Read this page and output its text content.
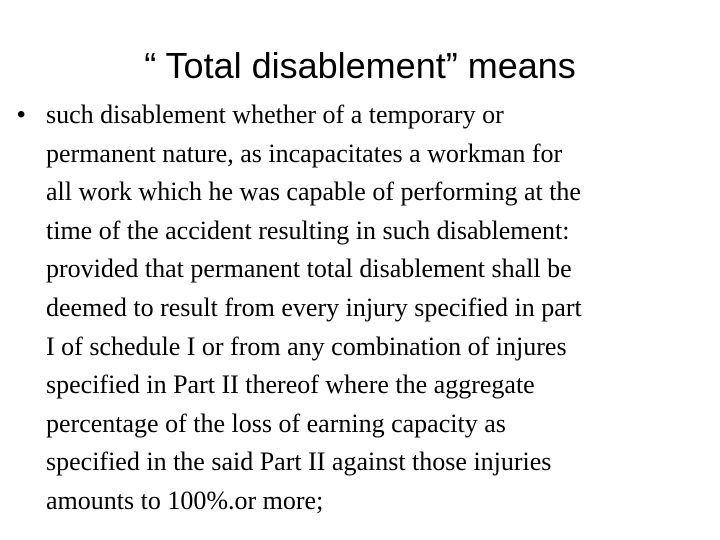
“ Total disablement” means
• such disablement whether of a temporary or
permanent nature, as incapacitates a workman for
all work which he was capable of performing at the
time of the accident resulting in such disablement:
provided that permanent total disablement shall be
deemed to result from every injury specified in part
I of schedule I or from any combination of injures
specified in Part II thereof where the aggregate
percentage of the loss of earning capacity as
specified in the said Part II against those injuries
amounts to 100%.or more;
